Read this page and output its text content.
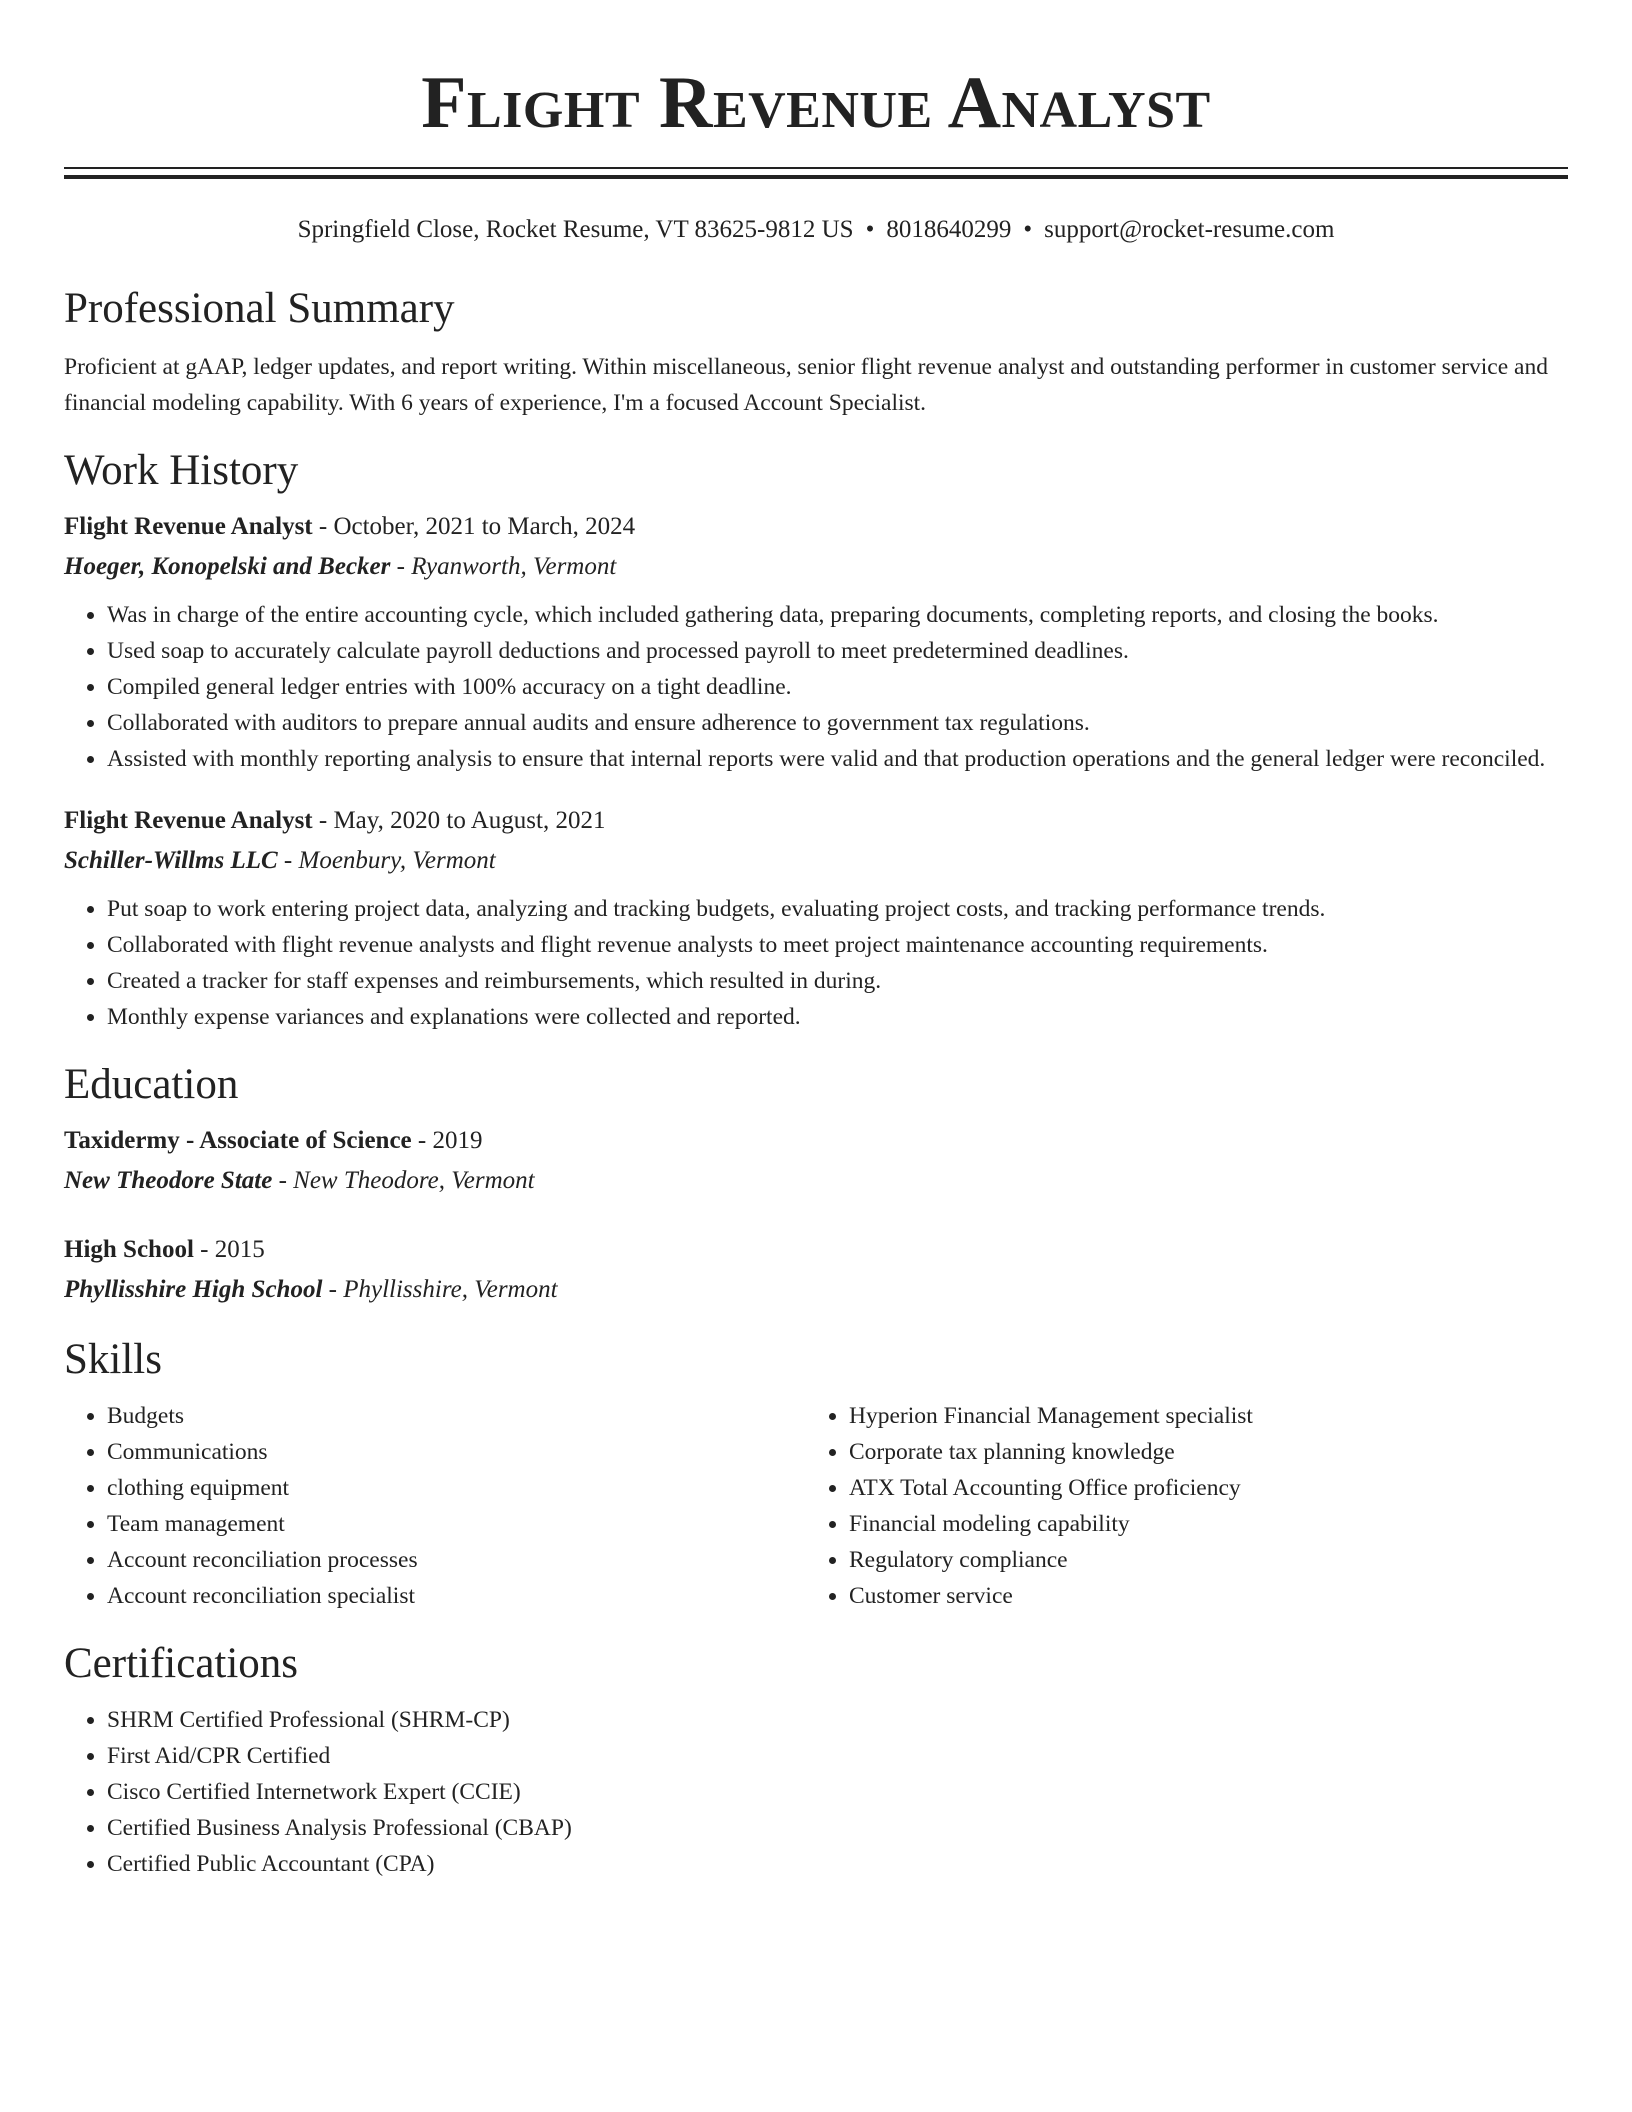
Flight Revenue Analyst
Springfield Close, Rocket Resume, VT 83625-9812 US • 8018640299 • support@rocket-resume.com
Professional Summary

Proficient at gAAP, ledger updates, and report writing. Within miscellaneous, senior flight revenue analyst and outstanding performer in customer service and financial modeling capability. With 6 years of experience, I'm a focused Account Specialist.

Work History
Flight Revenue Analyst - October, 2021 to March, 2024
Hoeger, Konopelski and Becker - Ryanworth, Vermont
• Was in charge of the entire accounting cycle, which included gathering data, preparing documents, completing reports, and closing the books.
• Used soap to accurately calculate payroll deductions and processed payroll to meet predetermined deadlines.
• Compiled general ledger entries with 100% accuracy on a tight deadline.
• Collaborated with auditors to prepare annual audits and ensure adherence to government tax regulations.
• Assisted with monthly reporting analysis to ensure that internal reports were valid and that production operations and the general ledger were reconciled.
Flight Revenue Analyst - May, 2020 to August, 2021
Schiller-Willms LLC - Moenbury, Vermont
• Put soap to work entering project data, analyzing and tracking budgets, evaluating project costs, and tracking performance trends.
• Collaborated with flight revenue analysts and flight revenue analysts to meet project maintenance accounting requirements.
• Created a tracker for staff expenses and reimbursements, which resulted in during.
• Monthly expense variances and explanations were collected and reported.
Education
Taxidermy - Associate of Science - 2019
New Theodore State - New Theodore, Vermont
High School - 2015
Phyllisshire High School - Phyllisshire, Vermont
Skills
• Budgets
• Communications
• clothing equipment
• Team management
• Account reconciliation processes
• Account reconciliation specialist
• Hyperion Financial Management specialist
• Corporate tax planning knowledge
• ATX Total Accounting Office proficiency
• Financial modeling capability
• Regulatory compliance
• Customer service
Certifications
• SHRM Certified Professional (SHRM-CP)
• First Aid/CPR Certified
• Cisco Certified Internetwork Expert (CCIE)
• Certified Business Analysis Professional (CBAP)
• Certified Public Accountant (CPA)
